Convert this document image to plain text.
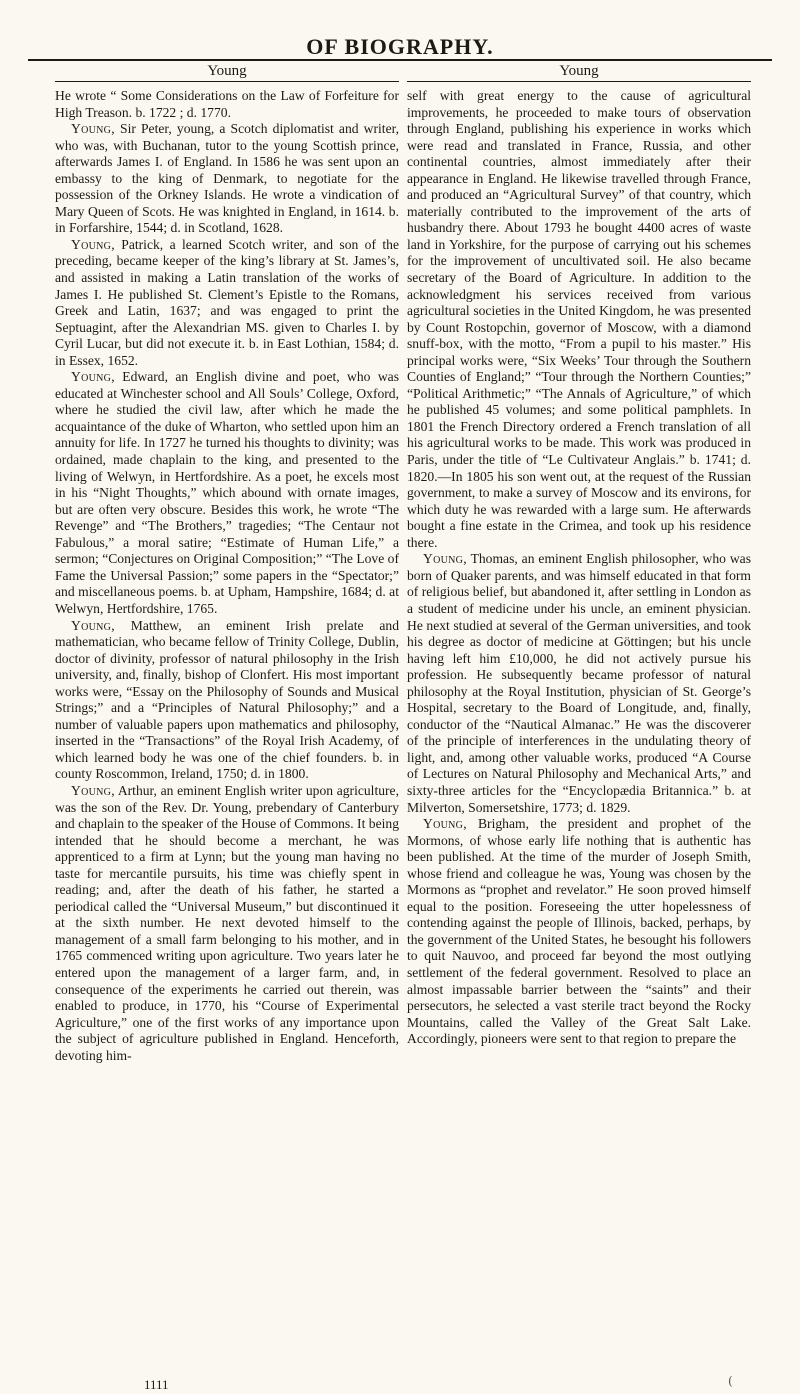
OF BIOGRAPHY.
Young

He wrote “ Some Considerations on the Law of Forfeiture for High Treason. b. 1722 ; d. 1770.

Young, Sir Peter, young, a Scotch diplomatist and writer, who was, with Buchanan, tutor to the young Scottish prince, afterwards James I. of England. In 1586 he was sent upon an embassy to the king of Denmark, to negotiate for the possession of the Orkney Islands. He wrote a vindication of Mary Queen of Scots. He was knighted in England, in 1614. b. in Forfarshire, 1544; d. in Scotland, 1628.

Young, Patrick, a learned Scotch writer, and son of the preceding, became keeper of the king’s library at St. James’s, and assisted in making a Latin translation of the works of James I. He published St. Clement’s Epistle to the Romans, Greek and Latin, 1637; and was engaged to print the Septuagint, after the Alexandrian MS. given to Charles I. by Cyril Lucar, but did not execute it. b. in East Lothian, 1584; d. in Essex, 1652.

Young, Edward, an English divine and poet, who was educated at Winchester school and All Souls’ College, Oxford, where he studied the civil law, after which he made the acquaintance of the duke of Wharton, who settled upon him an annuity for life. In 1727 he turned his thoughts to divinity; was ordained, made chaplain to the king, and presented to the living of Welwyn, in Hertfordshire. As a poet, he excels most in his “Night Thoughts,” which abound with ornate images, but are often very obscure. Besides this work, he wrote “The Revenge” and “The Brothers,” tragedies; “The Centaur not Fabulous,” a moral satire; “Estimate of Human Life,” a sermon; “Conjectures on Original Composition;” “The Love of Fame the Universal Passion;” some papers in the “Spectator;” and miscellaneous poems. b. at Upham, Hampshire, 1684; d. at Welwyn, Hertfordshire, 1765.

Young, Matthew, an eminent Irish prelate and mathematician, who became fellow of Trinity College, Dublin, doctor of divinity, professor of natural philosophy in the Irish university, and, finally, bishop of Clonfert. His most important works were, “Essay on the Philosophy of Sounds and Musical Strings;” and a “Principles of Natural Philosophy;” and a number of valuable papers upon mathematics and philosophy, inserted in the “Transactions” of the Royal Irish Academy, of which learned body he was one of the chief founders. b. in county Roscommon, Ireland, 1750; d. in 1800.

Young, Arthur, an eminent English writer upon agriculture, was the son of the Rev. Dr. Young, prebendary of Canterbury and chaplain to the speaker of the House of Commons. It being intended that he should become a merchant, he was apprenticed to a firm at Lynn; but the young man having no taste for mercantile pursuits, his time was chiefly spent in reading; and, after the death of his father, he started a periodical called the “Universal Museum,” but discontinued it at the sixth number. He next devoted himself to the management of a small farm belonging to his mother, and in 1765 commenced writing upon agriculture. Two years later he entered upon the management of a larger farm, and, in consequence of the experiments he carried out therein, was enabled to produce, in 1770, his “Course of Experimental Agriculture,” one of the first works of any importance upon the subject of agriculture published in England. Henceforth, devoting him-

Young

self with great energy to the cause of agricultural improvements, he proceeded to make tours of observation through England, publishing his experience in works which were read and translated in France, Russia, and other continental countries, almost immediately after their appearance in England. He likewise travelled through France, and produced an “Agricultural Survey” of that country, which materially contributed to the improvement of the arts of husbandry there. About 1793 he bought 4400 acres of waste land in Yorkshire, for the purpose of carrying out his schemes for the improvement of uncultivated soil. He also became secretary of the Board of Agriculture. In addition to the acknowledgment his services received from various agricultural societies in the United Kingdom, he was presented by Count Rostopchin, governor of Moscow, with a diamond snuff-box, with the motto, “From a pupil to his master.” His principal works were, “Six Weeks’ Tour through the Southern Counties of England;” “Tour through the Northern Counties;” “Political Arithmetic;” “The Annals of Agriculture,” of which he published 45 volumes; and some political pamphlets. In 1801 the French Directory ordered a French translation of all his agricultural works to be made. This work was produced in Paris, under the title of “Le Cultivateur Anglais.” b. 1741; d. 1820.—In 1805 his son went out, at the request of the Russian government, to make a survey of Moscow and its environs, for which duty he was rewarded with a large sum. He afterwards bought a fine estate in the Crimea, and took up his residence there.

Young, Thomas, an eminent English philosopher, who was born of Quaker parents, and was himself educated in that form of religious belief, but abandoned it, after settling in London as a student of medicine under his uncle, an eminent physician. He next studied at several of the German universities, and took his degree as doctor of medicine at Göttingen; but his uncle having left him £10,000, he did not actively pursue his profession. He subsequently became professor of natural philosophy at the Royal Institution, physician of St. George’s Hospital, secretary to the Board of Longitude, and, finally, conductor of the “Nautical Almanac.” He was the discoverer of the principle of interferences in the undulating theory of light, and, among other valuable works, produced “A Course of Lectures on Natural Philosophy and Mechanical Arts,” and sixty-three articles for the “Encyclopædia Britannica.” b. at Milverton, Somersetshire, 1773; d. 1829.

Young, Brigham, the president and prophet of the Mormons, of whose early life nothing that is authentic has been published. At the time of the murder of Joseph Smith, whose friend and colleague he was, Young was chosen by the Mormons as “prophet and revelator.” He soon proved himself equal to the position. Foreseeing the utter hopelessness of contending against the people of Illinois, backed, perhaps, by the government of the United States, he besought his followers to quit Nauvoo, and proceed far beyond the most outlying settlement of the federal government. Resolved to place an almost impassable barrier between the “saints” and their persecutors, he selected a vast sterile tract beyond the Rocky Mountains, called the Valley of the Great Salt Lake. Accordingly, pioneers were sent to that region to prepare the

1111	(
